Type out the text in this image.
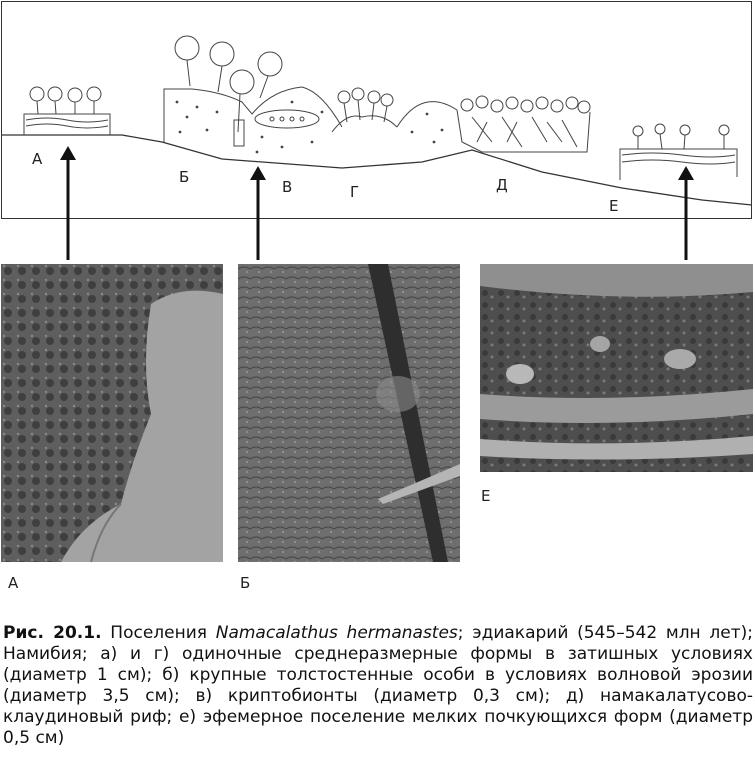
А
Б
В	Г	Д
Е
А	Б
Е
Рис. 20.1. Поселения Namacalathus hermanastes; эдиакарий (545–542 млн лет); Намибия; а) и г) одиночные среднеразмерные формы в затишных условиях (диаметр 1 см); б) крупные толстостенные особи в условиях волновой эрозии (диаметр 3,5 см); в) криптобионты (диаметр 0,3 см); д) намакалатусово-клаудиновый риф; е) эфемерное поселение мелких почкующихся форм (диаметр 0,5 см)
